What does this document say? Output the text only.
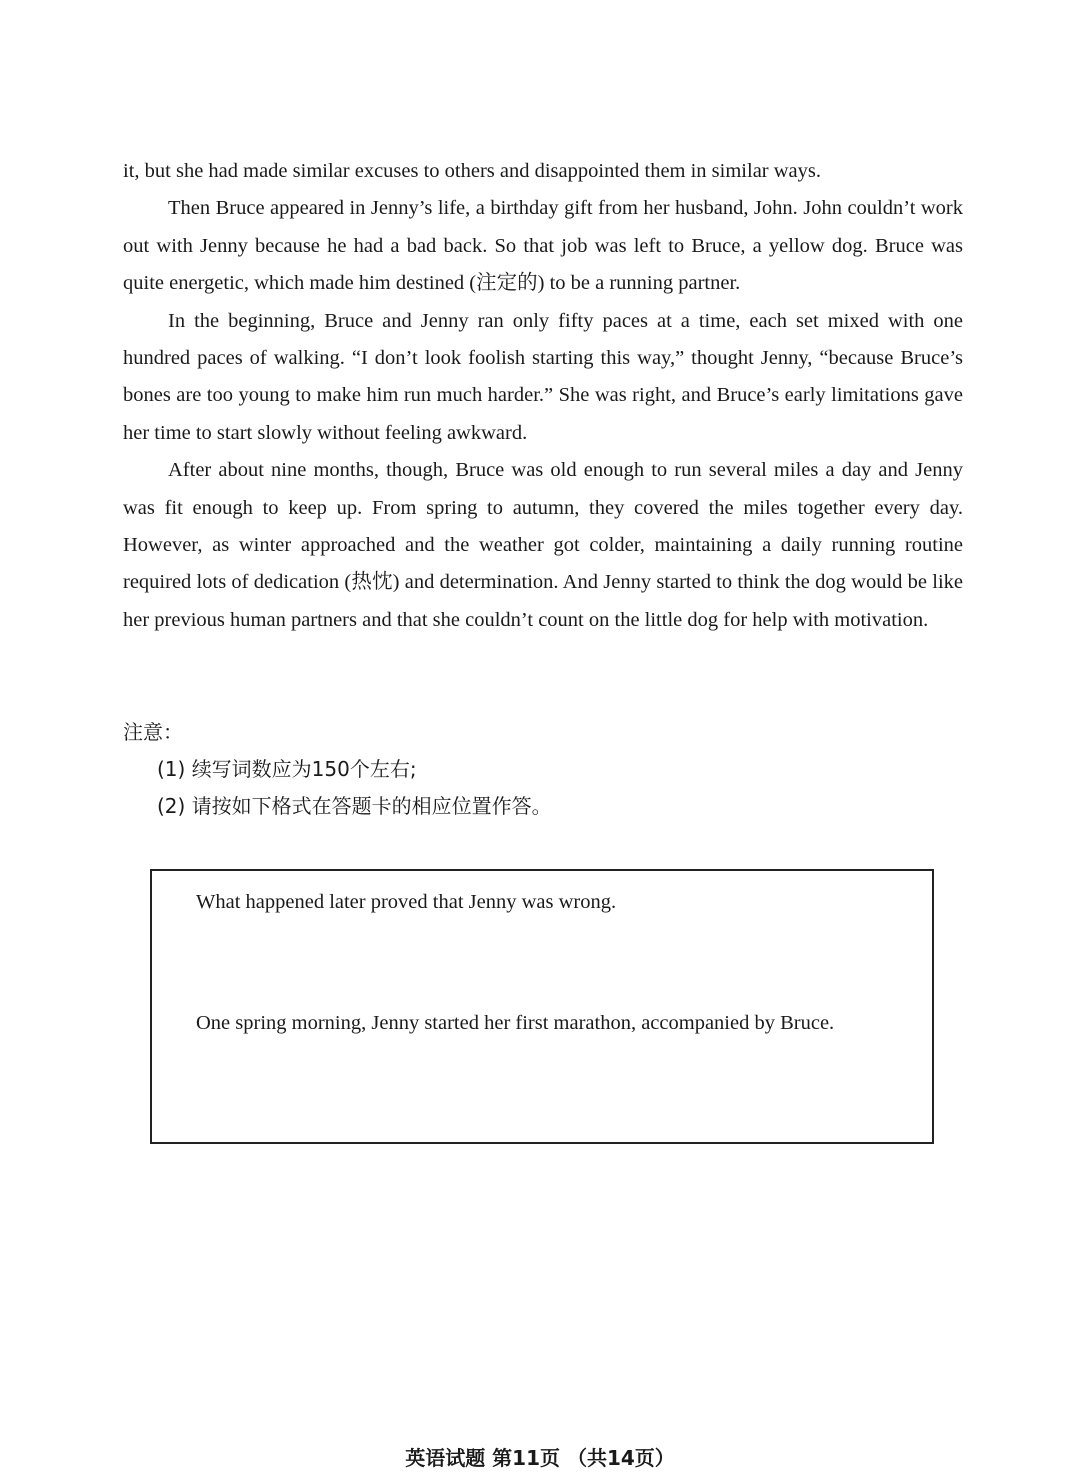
it, but she had made similar excuses to others and disappointed them in similar ways.

Then Bruce appeared in Jenny’s life, a birthday gift from her husband, John. John couldn’t work out with Jenny because he had a bad back. So that job was left to Bruce, a yellow dog. Bruce was quite energetic, which made him destined (注定的) to be a running partner.

In the beginning, Bruce and Jenny ran only fifty paces at a time, each set mixed with one hundred paces of walking. “I don’t look foolish starting this way,” thought Jenny, “because Bruce’s bones are too young to make him run much harder.” She was right, and Bruce’s early limitations gave her time to start slowly without feeling awkward.

After about nine months, though, Bruce was old enough to run several miles a day and Jenny was fit enough to keep up. From spring to autumn, they covered the miles together every day. However, as winter approached and the weather got colder, maintaining a daily running routine required lots of dedication (热忱) and determination. And Jenny started to think the dog would be like her previous human partners and that she couldn’t count on the little dog for help with motivation.

注意：
(1) 续写词数应为150个左右;
(2) 请按如下格式在答题卡的相应位置作答。
What happened later proved that Jenny was wrong.
One spring morning, Jenny started her first marathon, accompanied by Bruce.
英语试题 第11页 （共14页）
